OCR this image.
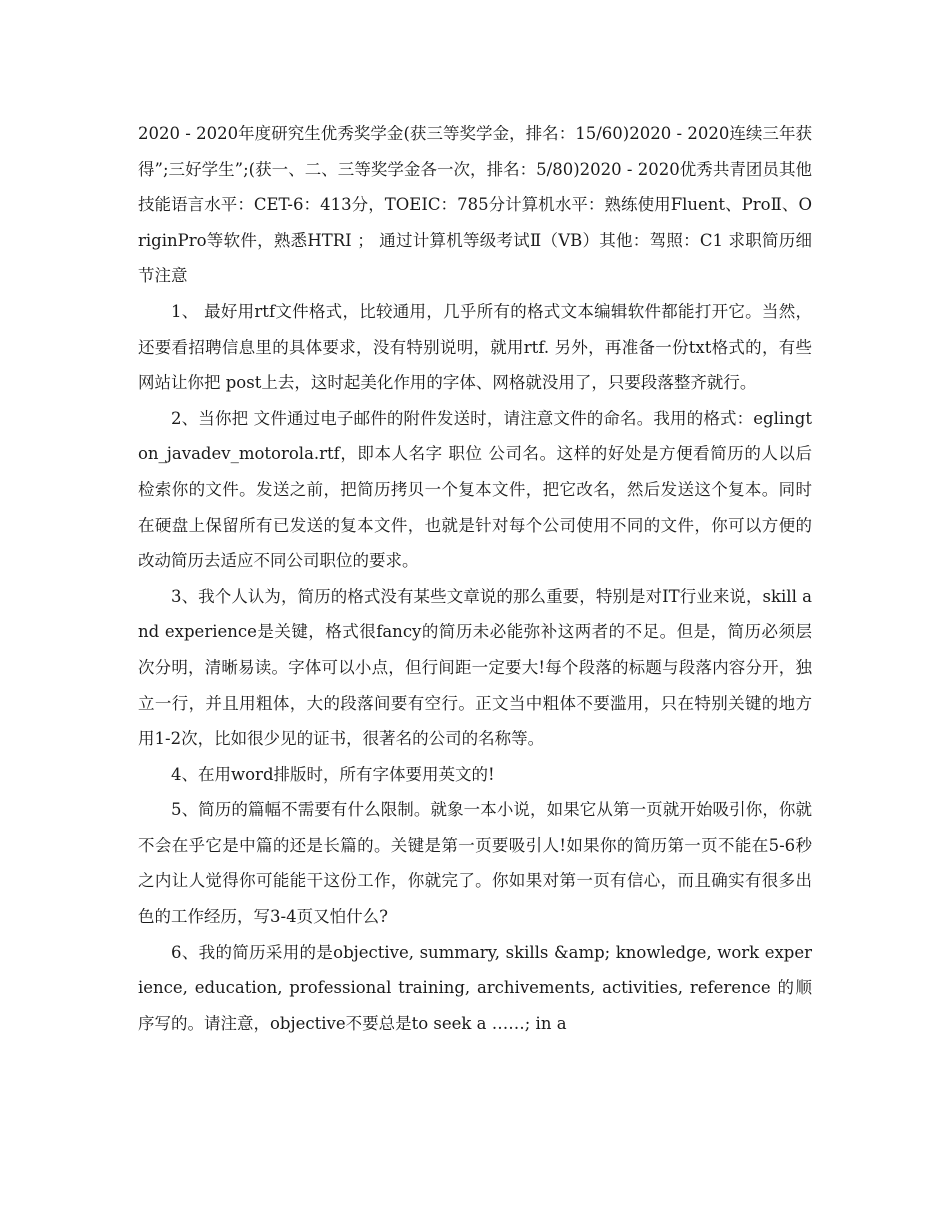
2020 - 2020年度研究生优秀奖学金(获三等奖学金，排名：15/60)2020 - 2020连续三年获得”;三好学生”;(获一、二、三等奖学金各一次，排名：5/80)2020 - 2020优秀共青团员其他技能语言水平：CET-6：413分，TOEIC：785分计算机水平：熟练使用Fluent、ProⅡ、OriginPro等软件，熟悉HTRI ； 通过计算机等级考试Ⅱ（VB）其他：驾照：C1 求职简历细节注意

1、 最好用rtf文件格式，比较通用，几乎所有的格式文本编辑软件都能打开它。当然，还要看招聘信息里的具体要求，没有特别说明，就用rtf. 另外，再准备一份txt格式的，有些网站让你把 post上去，这时起美化作用的字体、网格就没用了，只要段落整齐就行。

2、当你把 文件通过电子邮件的附件发送时，请注意文件的命名。我用的格式：eglington_javadev_motorola.rtf，即本人名字 职位 公司名。这样的好处是方便看简历的人以后检索你的文件。发送之前，把简历拷贝一个复本文件，把它改名，然后发送这个复本。同时在硬盘上保留所有已发送的复本文件，也就是针对每个公司使用不同的文件，你可以方便的改动简历去适应不同公司职位的要求。

3、我个人认为，简历的格式没有某些文章说的那么重要，特别是对IT行业来说，skill and experience是关键，格式很fancy的简历未必能弥补这两者的不足。但是，简历必须层次分明，清晰易读。字体可以小点，但行间距一定要大!每个段落的标题与段落内容分开，独立一行，并且用粗体，大的段落间要有空行。正文当中粗体不要滥用，只在特别关键的地方用1-2次，比如很少见的证书，很著名的公司的名称等。

4、在用word排版时，所有字体要用英文的!

5、简历的篇幅不需要有什么限制。就象一本小说，如果它从第一页就开始吸引你，你就不会在乎它是中篇的还是长篇的。关键是第一页要吸引人!如果你的简历第一页不能在5-6秒之内让人觉得你可能能干这份工作，你就完了。你如果对第一页有信心，而且确实有很多出色的工作经历，写3-4页又怕什么?

6、我的简历采用的是objective, summary, skills &amp; knowledge, work experience, education, professional training, archivements, activities, reference 的顺序写的。请注意，objective不要总是to seek a ……; in a
